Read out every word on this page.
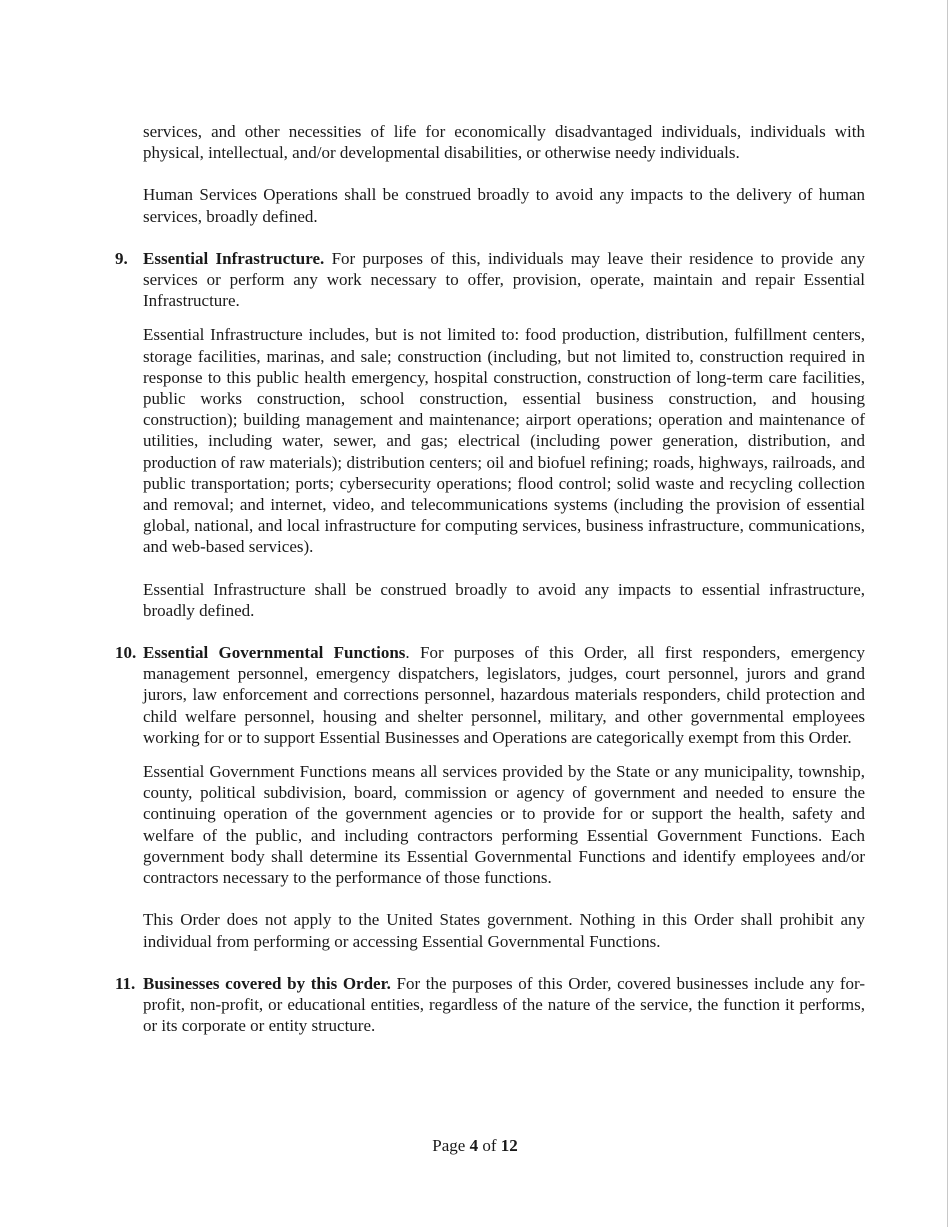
services, and other necessities of life for economically disadvantaged individuals, individuals with physical, intellectual, and/or developmental disabilities, or otherwise needy individuals.

Human Services Operations shall be construed broadly to avoid any impacts to the delivery of human services, broadly defined.

9. Essential Infrastructure. For purposes of this, individuals may leave their residence to provide any services or perform any work necessary to offer, provision, operate, maintain and repair Essential Infrastructure.

Essential Infrastructure includes, but is not limited to: food production, distribution, fulfillment centers, storage facilities, marinas, and sale; construction (including, but not limited to, construction required in response to this public health emergency, hospital construction, construction of long-term care facilities, public works construction, school construction, essential business construction, and housing construction); building management and maintenance; airport operations; operation and maintenance of utilities, including water, sewer, and gas; electrical (including power generation, distribution, and production of raw materials); distribution centers; oil and biofuel refining; roads, highways, railroads, and public transportation; ports; cybersecurity operations; flood control; solid waste and recycling collection and removal; and internet, video, and telecommunications systems (including the provision of essential global, national, and local infrastructure for computing services, business infrastructure, communications, and web-based services).

Essential Infrastructure shall be construed broadly to avoid any impacts to essential infrastructure, broadly defined.

10. Essential Governmental Functions. For purposes of this Order, all first responders, emergency management personnel, emergency dispatchers, legislators, judges, court personnel, jurors and grand jurors, law enforcement and corrections personnel, hazardous materials responders, child protection and child welfare personnel, housing and shelter personnel, military, and other governmental employees working for or to support Essential Businesses and Operations are categorically exempt from this Order.

Essential Government Functions means all services provided by the State or any municipality, township, county, political subdivision, board, commission or agency of government and needed to ensure the continuing operation of the government agencies or to provide for or support the health, safety and welfare of the public, and including contractors performing Essential Government Functions. Each government body shall determine its Essential Governmental Functions and identify employees and/or contractors necessary to the performance of those functions.

This Order does not apply to the United States government. Nothing in this Order shall prohibit any individual from performing or accessing Essential Governmental Functions.

11. Businesses covered by this Order. For the purposes of this Order, covered businesses include any for-profit, non-profit, or educational entities, regardless of the nature of the service, the function it performs, or its corporate or entity structure.
Page 4 of 12
